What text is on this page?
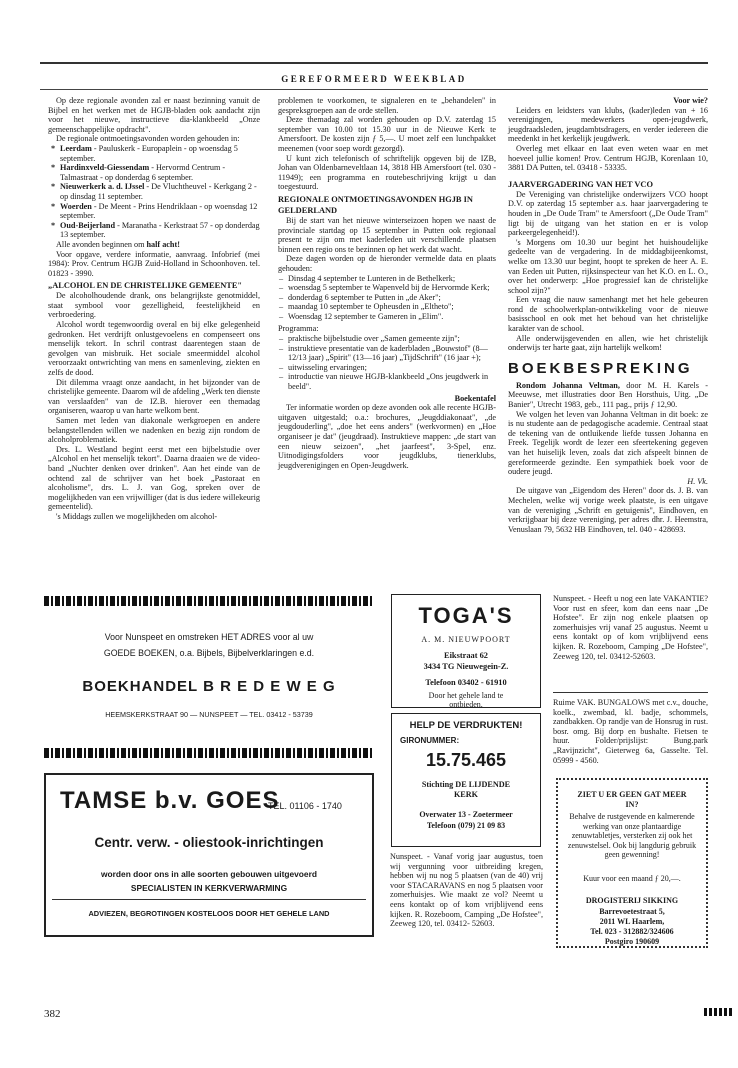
GEREFORMEERD WEEKBLAD

Op deze regionale avonden zal er naast bezinning vanuit de Bijbel en het werken met de HGJB-bladen ook aandacht zijn voor het nieuwe, instructieve dia-klankbeeld „Onze gemeenschappelijke opdracht".

De regionale ontmoetingsavonden worden gehouden in:

* Leerdam - Pauluskerk - Europaplein - op woensdag 5 september.
* Hardinxveld-Giessendam - Hervormd Centrum - Talmastraat - op donderdag 6 september.
* Nieuwerkerk a. d. IJssel - De Vluchtheuvel - Kerkgang 2 - op dinsdag 11 september.
* Woerden - De Meent - Prins Hendriklaan - op woensdag 12 september.
* Oud-Beijerland - Maranatha - Kerkstraat 57 - op donderdag 13 september.

Alle avonden beginnen om half acht!

Voor opgave, verdere informatie, aanvraag. Infobrief (mei 1984): Prov. Centrum HGJB Zuid-Holland in Schoonhoven. tel. 01823 - 3990.

„ALCOHOL EN DE CHRISTELIJKE GEMEENTE"

De alcoholhoudende drank, ons belangrijkste genotmiddel, staat symbool voor gezelligheid, feestelijkheid en verbroedering.

Alcohol wordt tegenwoordig overal en bij elke gelegenheid gedronken. Het verdrijft onlustgevoelens en compenseert ons menselijk tekort. In schril contrast daarentegen staan de gevolgen van misbruik. Het sociale smeermiddel alcohol veroorzaakt ontwrichting van mens en samenleving, ziekten en zelfs de dood.

Dit dilemma vraagt onze aandacht, in het bijzonder van de christelijke gemeente. Daarom wil de afdeling „Werk ten dienste van verslaafden" van de IZ.B. hierover een themadag organiseren, waarop u van harte welkom bent.

Samen met leden van diakonale werkgroepen en andere belangstellenden willen we nadenken en bezig zijn rondom de alcoholproblematiek.

Drs. L. Westland begint eerst met een bijbelstudie over „Alcohol en het menselijk tekort". Daarna draaien we de video-band „Nuchter denken over drinken". Aan het einde van de ochtend zal de schrijver van het boek „Pastoraat en alcoholisme", drs. L. J. van Gog, spreken over de mogelijkheden van een vrijwilliger (dat is dus iedere willekeurig gemeentelid).

's Middags zullen we mogelijkheden om alcohol-

problemen te voorkomen, te signaleren en te „behandelen" in gespreksgroepen aan de orde stellen.

Deze themadag zal worden gehouden op D.V. zaterdag 15 september van 10.00 tot 15.30 uur in de Nieuwe Kerk te Amersfoort. De kosten zijn ƒ 5,—. U moet zelf een lunchpakket meenemen (voor soep wordt gezorgd).

U kunt zich telefonisch of schriftelijk opgeven bij de IZB, Johan van Oldenbarneveltlaan 14, 3818 HB Amersfoort (tel. 030 - 11949); een programma en routebeschrijving krijgt u dan toegestuurd.

REGIONALE ONTMOETINGSAVONDEN HGJB IN GELDERLAND

Bij de start van het nieuwe winterseizoen hopen we naast de provinciale startdag op 15 september in Putten ook regionaal present te zijn om met kaderleden uit verschillende plaatsen binnen een regio ons te bezinnen op het werk dat wacht.

Deze dagen worden op de hieronder vermelde data en plaats gehouden:

– Dinsdag 4 september te Lunteren in de Bethelkerk;
– woensdag 5 september te Wapenveld bij de Hervormde Kerk;
– donderdag 6 september te Putten in „de Aker";
– maandag 10 september te Opheusden in „Eltheto";
– Woensdag 12 september te Gameren in „Elim".

Programma:

– praktische bijbelstudie over „Samen gemeente zijn";
– instruktieve presentatie van de kaderbladen „Bouwstof" (8—12/13 jaar) „Spirit" (13—16 jaar) „TijdSchrift" (16 jaar +);
– uitwisseling ervaringen;
– introductie van nieuwe HGJB-klankbeeld „Ons jeugdwerk in beeld".

Boekentafel

Ter informatie worden op deze avonden ook alle recente HGJB-uitgaven uitgestald; o.a.: brochures, „Jeugddiakonaat", „de jeugdouderling", „doe het eens anders" (werkvormen) en „Hoe organiseer je dat" (jeugdraad). Instruktieve mappen: „de start van een nieuw seizoen", „het jaarfeest", 3-Spel, enz. Uitnodigingsfolders voor jeugdklubs, tienerklubs, jeugdverenigingen en Open-Jeugdwerk.

Voor wie?

Leiders en leidsters van klubs, (kader)leden van + 16 verenigingen, medewerkers open-jeugdwerk, jeugdraadsleden, jeugdambtsdragers, en verder iedereen die meedenkt in het kerkelijk jeugdwerk.

Overleg met elkaar en laat even weten waar en met hoeveel jullie komen! Prov. Centrum HGJB, Korenlaan 10, 3881 DA Putten, tel. 03418 - 53335.

JAARVERGADERING VAN HET VCO

De Vereniging van christelijke onderwijzers VCO hoopt D.V. op zaterdag 15 september a.s. haar jaarvergadering te houden in „De Oude Tram" te Amersfoort („De Oude Tram" ligt bij de uitgang van het station en er is volop parkeergelegenheid!).

's Morgens om 10.30 uur begint het huishoudelijke gedeelte van de vergadering. In de middagbijeenkomst, welke om 13.30 uur begint, hoopt te spreken de heer A. E. van Eeden uit Putten, rijksinspecteur van het K.O. en L. O., over het onderwerp: „Hoe progressief kan de christelijke school zijn?"

Een vraag die nauw samenhangt met het hele gebeuren rond de schoolwerkplan-ontwikkeling voor de nieuwe basisschool en ook met het behoud van het christelijke karakter van de school.

Alle onderwijsgevenden en allen, wie het christelijk onderwijs ter harte gaat, zijn hartelijk welkom!

BOEKBESPREKING

Rondom Johanna Veltman, door M. H. Karels - Meeuwse, met illustraties door Ben Horsthuis, Uitg. „De Banier", Utrecht 1983, geb., 111 pag., prijs ƒ 12,90.

We volgen het leven van Johanna Veltman in dit boek: ze is nu studente aan de pedagogische academie. Centraal staat de tekening van de ontluikende liefde tussen Johanna en Freek. Tegelijk wordt de lezer een sfeertekening gegeven van het huiselijk leven, zoals dat zich afspeelt binnen de gereformeerde gezindte. Een sympathiek boek voor de oudere jeugd.

H. Vk.

De uitgave van „Eigendom des Heren" door ds. J. B. van Mechelen, welke wij vorige week plaatste, is een uitgave van de vereniging „Schrift en getuigenis", Eindhoven, en verkrijgbaar bij deze vereniging, per adres dhr. J. Heemstra, Venuslaan 79, 5632 HB Eindhoven, tel. 040 - 428693.

Voor Nunspeet en omstreken HET ADRES voor al uw
GOEDE BOEKEN, o.a. Bijbels, Bijbelverklaringen e.d.
BOEKHANDEL B R E D E W E G
HEEMSKERKSTRAAT 90 — NUNSPEET — TEL. 03412 - 53739
TOGA'S
A. M. NIEUWPOORT
Eikstraat 62
3434 TG Nieuwegein-Z.
Telefoon 03402 - 61910
Door het gehele land te ontbieden.

Nunspeet. - Heeft u nog een late VAKANTIE? Voor rust en sfeer, kom dan eens naar „De Hofstee". Er zijn nog enkele plaatsen op zomerhuisjes vrij vanaf 25 augustus. Neemt u eens kontakt op of kom vrijblijvend eens kijken. R. Rozeboom, Camping „De Hofstee", Zeeweg 120, tel. 03412-52603.

Ruime VAK. BUNGALOWS met c.v., douche, koelk., zwembad, kl. badje, schommels, zandbakken. Op randje van de Honsrug in rust. bosr. omg. Bij dorp en bushalte. Fietsen te huur. Folder/prijslijst: Bung.park „Ravijnzicht", Gieterweg 6a, Gasselte. Tel. 05999 - 4560.

HELP DE VERDRUKTEN!
GIRONUMMER:
15.75.465
Stichting DE LIJDENDE KERK
Overwater 13 - Zoetermeer
Telefoon (079) 21 09 83
TAMSE b.v. GOES
TEL. 01106 - 1740
Centr. verw. - oliestook-inrichtingen
worden door ons in alle soorten gebouwen uitgevoerd
SPECIALISTEN IN KERKVERWARMING
ADVIEZEN, BEGROTINGEN KOSTELOOS DOOR HET GEHELE LAND

Nunspeet. - Vanaf vorig jaar augustus, toen wij vergunning voor uitbreiding kregen, hebben wij nu nog 5 plaatsen (van de 40) vrij voor STACARAVANS en nog 5 plaatsen voor zomerhuisjes. Wie maakt ze vol? Neemt u eens kontakt op of kom vrijblijvend eens kijken. R. Rozeboom, Camping „De Hofstee", Zeeweg 120, tel. 03412- 52603.

ZIET U ER GEEN GAT MEER IN?
Behalve de rustgevende en kalmerende werking van onze plantaardige zenuwtabletjes, versterken zij ook het zenuwstelsel. Ook bij langdurig gebruik geen gewenning!
Kuur voor een maand ƒ 20,—.
DROGISTERIJ SIKKING
Barrevoetestraat 5,
2011 WL Haarlem,
Tel. 023 - 312882/324606
Postgiro 190609
382
